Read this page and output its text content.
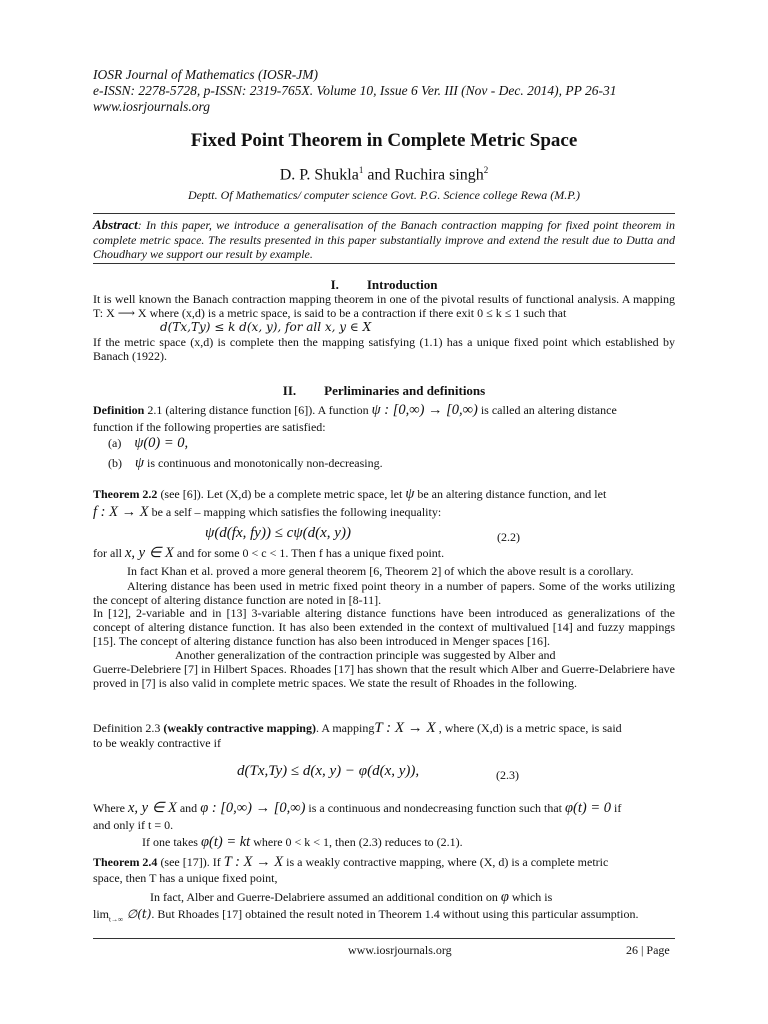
IOSR Journal of Mathematics (IOSR-JM)
e-ISSN: 2278-5728, p-ISSN: 2319-765X. Volume 10, Issue 6 Ver. III (Nov - Dec. 2014), PP 26-31
www.iosrjournals.org
Fixed Point Theorem in Complete Metric Space
D. P. Shukla$^1$ and Ruchira singh$^2$
Deptt. Of Mathematics/ computer science Govt. P.G. Science college Rewa (M.P.)
Abstract: In this paper, we introduce a generalisation of the Banach contraction mapping for fixed point theorem in complete metric space. The results presented in this paper substantially improve and extend the result due to Dutta and Choudhary we support our result by example.
I. Introduction
It is well known the Banach contraction mapping theorem in one of the pivotal results of functional analysis. A mapping T: X ⟶ X where (x,d) is a metric space, is said to be a contraction if there exit 0 ≤ k ≤ 1 such that
d(Tx,Ty) ≤ k d(x, y), for all x, y ∈ X
If the metric space (x,d) is complete then the mapping satisfying (1.1) has a unique fixed point which established by Banach (1922).
II. Perliminaries and definitions
Definition 2.1 (altering distance function [6]). A function ψ : [0,∞) → [0,∞) is called an altering distance
function if the following properties are satisfied:
(a) ψ(0) = 0,
(b) ψ is continuous and monotonically non-decreasing.
Theorem 2.2 (see [6]). Let (X,d) be a complete metric space, let ψ be an altering distance function, and let
f : X → X be a self – mapping which satisfies the following inequality:
ψ(d(fx, fy)) ≤ cψ(d(x, y))	(2.2)
for all x, y ∈ X and for some 0 < c < 1. Then f has a unique fixed point.
In fact Khan et al. proved a more general theorem [6, Theorem 2] of which the above result is a corollary.
Altering distance has been used in metric fixed point theory in a number of papers. Some of the works utilizing the concept of altering distance function are noted in [8-11].
In [12], 2-variable and in [13] 3-variable altering distance functions have been introduced as generalizations of the concept of altering distance function. It has also been extended in the context of multivalued [14] and fuzzy mappings [15]. The concept of altering distance function has also been introduced in Menger spaces [16].
Another generalization of the contraction principle was suggested by Alber and
Guerre-Delebriere [7] in Hilbert Spaces. Rhoades [17] has shown that the result which Alber and Guerre-Delabriere have proved in [7] is also valid in complete metric spaces. We state the result of Rhoades in the following.
Definition 2.3 (weakly contractive mapping). A mappingT : X → X , where (X,d) is a metric space, is said
to be weakly contractive if
d(Tx,Ty) ≤ d(x, y) − φ(d(x, y)),	(2.3)
Where x, y ∈ X and φ : [0,∞) → [0,∞) is a continuous and nondecreasing function such that φ(t) = 0 if
and only if t = 0.
If one takes φ(t) = kt where 0 < k < 1, then (2.3) reduces to (2.1).
Theorem 2.4 (see [17]). If T : X → X is a weakly contractive mapping, where (X, d) is a complete metric
space, then T has a unique fixed point,
In fact, Alber and Guerre-Delabriere assumed an additional condition on φ which is
$\lim_{t\to\infty}$ ∅(t). But Rhoades [17] obtained the result noted in Theorem 1.4 without using this particular assumption.
www.iosrjournals.org	26 | Page
